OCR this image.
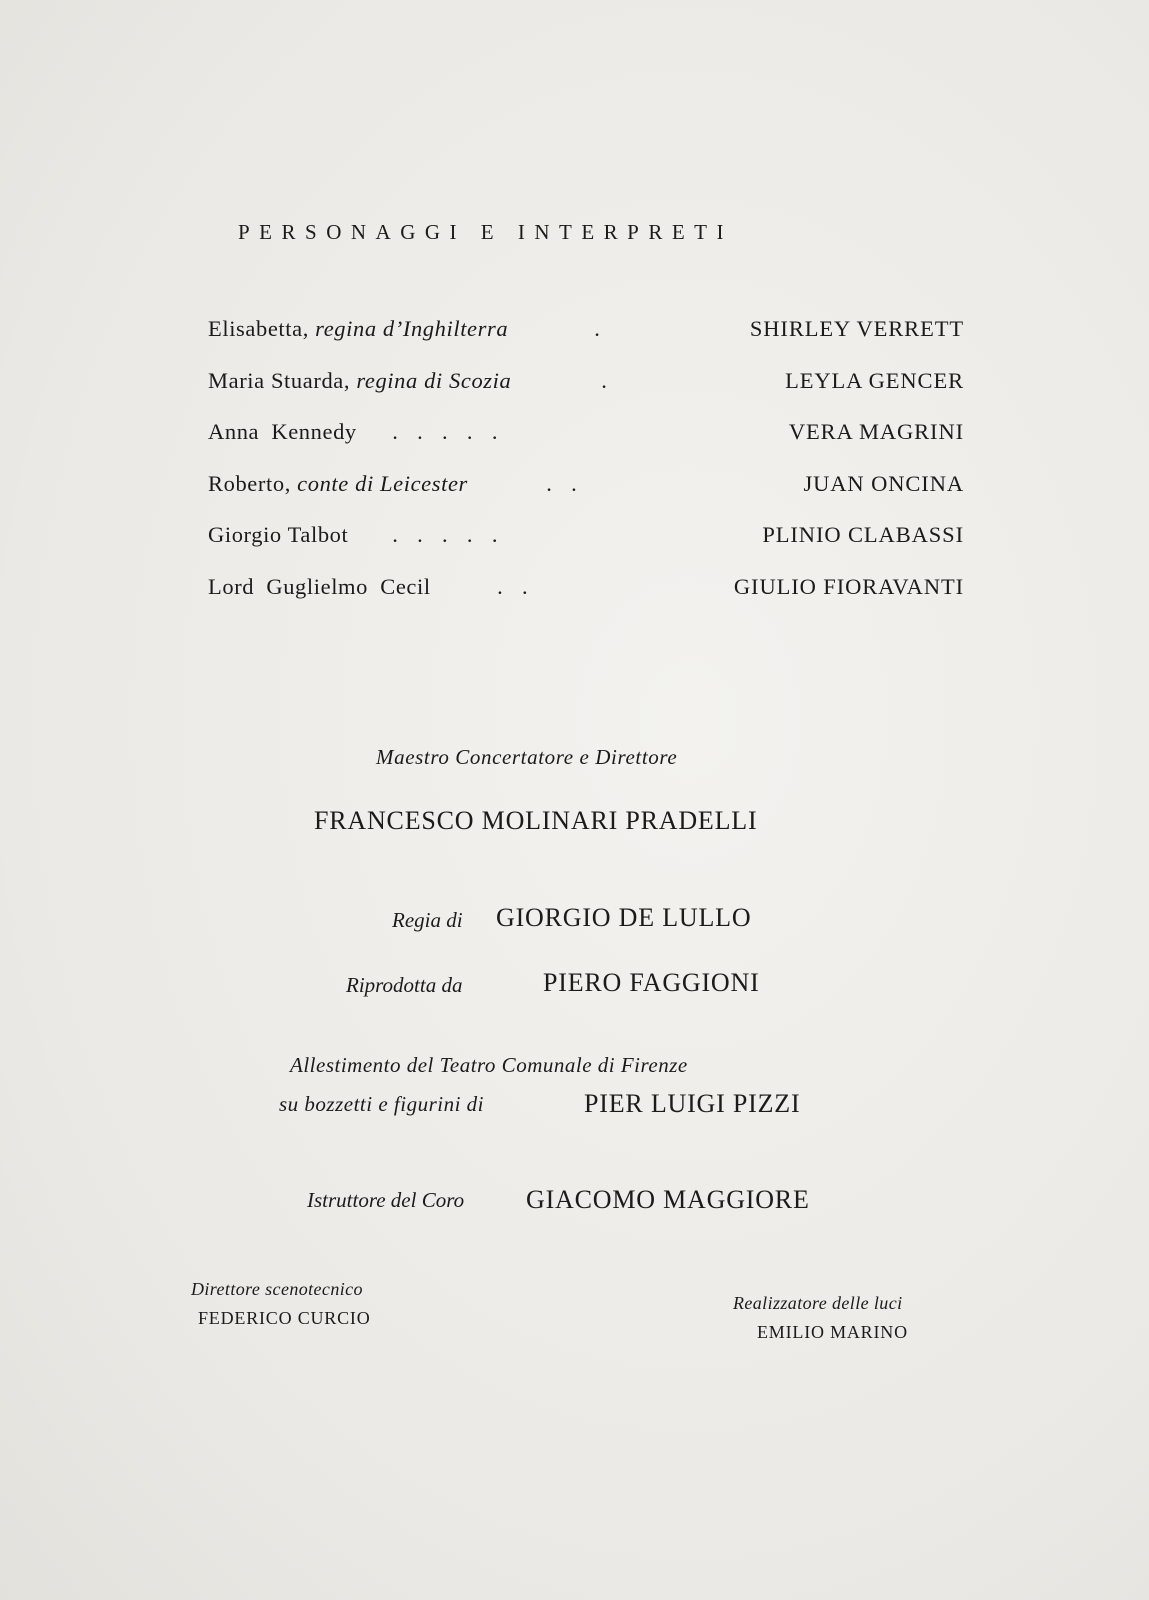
PERSONAGGI E INTERPRETI
Elisabetta, regina d’Inghilterra	.	SHIRLEY VERRETT
Maria Stuarda, regina di Scozia	.	LEYLA GENCER
Anna Kennedy .   .   .   .   .	VERA MAGRINI
Roberto, conte di Leicester	.   .	JUAN ONCINA
Giorgio Talbot .   .   .   .   .	PLINIO CLABASSI
Lord Guglielmo Cecil .   .	GIULIO FIORAVANTI
Maestro Concertatore e Direttore
FRANCESCO MOLINARI PRADELLI
Regia di GIORGIO DE LULLO
Riprodotta da	PIERO FAGGIONI
Allestimento del Teatro Comunale di Firenze
su bozzetti e figurini di	PIER LUIGI PIZZI
Istruttore del Coro GIACOMO MAGGIORE
Direttore scenotecnico
FEDERICO CURCIO
Realizzatore delle luci
EMILIO MARINO
